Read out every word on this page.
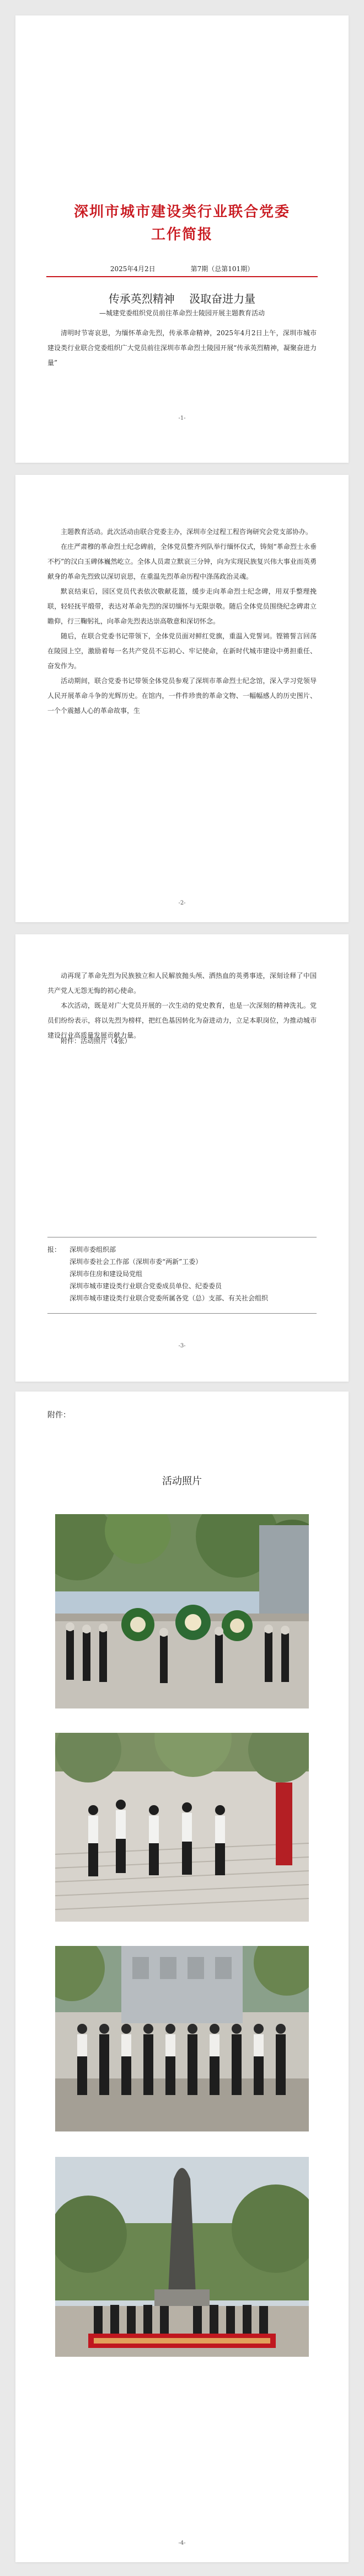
深圳市城市建设类行业联合党委
工作简报
2025年4月2日	第7期（总第101期）
传承英烈精神 汲取奋进力量
—城建党委组织党员前往革命烈士陵园开展主题教育活动

清明时节寄哀思，为缅怀革命先烈，传承革命精神，2025年4月2日上午，深圳市城市建设类行业联合党委组织广大党员前往深圳市革命烈士陵园开展“传承英烈精神，凝聚奋进力量”

-1-

主题教育活动。此次活动由联合党委主办，深圳市全过程工程咨询研究会党支部协办。

在庄严肃穆的革命烈士纪念碑前，全体党员整齐列队举行缅怀仪式，铸刻“革命烈士永垂不朽”的汉白玉碑体巍然屹立。全体人员肃立默哀三分钟，向为实现民族复兴伟大事业而英勇献身的革命先烈致以深切哀思，在重温先烈革命历程中涤荡政治灵魂。

默哀结束后，园区党员代表依次敬献花篮，缓步走向革命烈士纪念碑，用双手整理挽联，轻轻抚平缎带，表达对革命先烈的深切缅怀与无限崇敬。随后全体党员围绕纪念碑肃立瞻仰，行三鞠躬礼，向革命先烈表达崇高敬意和深切怀念。

随后，在联合党委书记带领下，全体党员面对鲜红党旗，重温入党誓词。铿锵誓言回荡在陵园上空，激励着每一名共产党员不忘初心、牢记使命，在新时代城市建设中勇担重任、奋发作为。

活动期间，联合党委书记带领全体党员参观了深圳市革命烈士纪念馆，深入学习党领导人民开展革命斗争的光辉历史。在馆内，一件件珍贵的革命文物、一幅幅感人的历史图片、一个个震撼人心的革命故事，生

-2-

动再现了革命先烈为民族独立和人民解放抛头颅、洒热血的英勇事迹，深刻诠释了中国共产党人无怨无悔的初心使命。

本次活动，既是对广大党员开展的一次生动的党史教育，也是一次深刻的精神洗礼。党员们纷纷表示，将以先烈为榜样，把红色基因转化为奋进动力，立足本职岗位，为推动城市建设行业高质量发展贡献力量。

附件：活动照片（4张）
报：	深圳市委组织部
深圳市委社会工作部（深圳市委“两新”工委）
深圳市住房和建设局党组
深圳市城市建设类行业联合党委成员单位、纪委委员
深圳市城市建设类行业联合党委所属各党（总）支部、有关社会组织
-3-
附件：
活动照片
-4-
